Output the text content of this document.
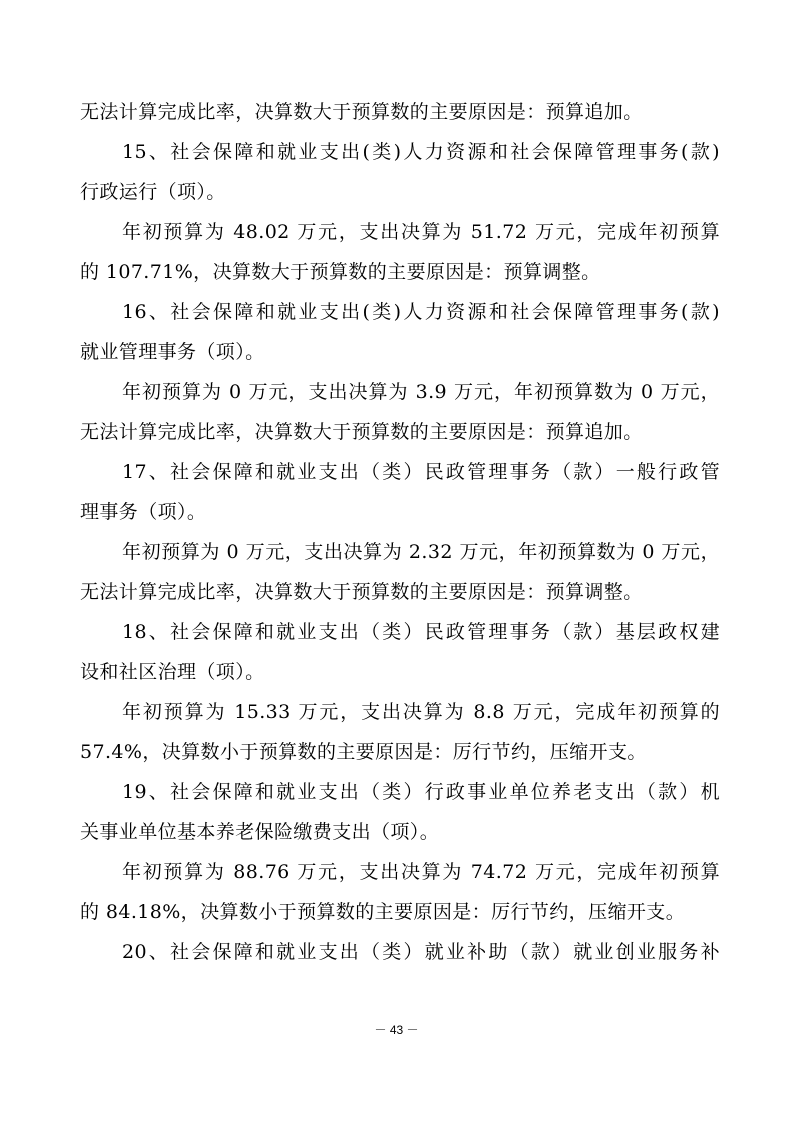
无法计算完成比率，决算数大于预算数的主要原因是：预算追加。
15、社会保障和就业支出(类)人力资源和社会保障管理事务(款)
行政运行（项）。
年初预算为 48.02 万元，支出决算为 51.72 万元，完成年初预算
的 107.71%，决算数大于预算数的主要原因是：预算调整。
16、社会保障和就业支出(类)人力资源和社会保障管理事务(款)
就业管理事务（项）。
年初预算为 0 万元，支出决算为 3.9 万元，年初预算数为 0 万元，
无法计算完成比率，决算数大于预算数的主要原因是：预算追加。
17、社会保障和就业支出（类）民政管理事务（款）一般行政管
理事务（项）。
年初预算为 0 万元，支出决算为 2.32 万元，年初预算数为 0 万元，
无法计算完成比率，决算数大于预算数的主要原因是：预算调整。
18、社会保障和就业支出（类）民政管理事务（款）基层政权建
设和社区治理（项）。
年初预算为 15.33 万元，支出决算为 8.8 万元，完成年初预算的
57.4%，决算数小于预算数的主要原因是：厉行节约，压缩开支。
19、社会保障和就业支出（类）行政事业单位养老支出（款）机
关事业单位基本养老保险缴费支出（项）。
年初预算为 88.76 万元，支出决算为 74.72 万元，完成年初预算
的 84.18%，决算数小于预算数的主要原因是：厉行节约，压缩开支。
20、社会保障和就业支出（类）就业补助（款）就业创业服务补
－ 43 －
